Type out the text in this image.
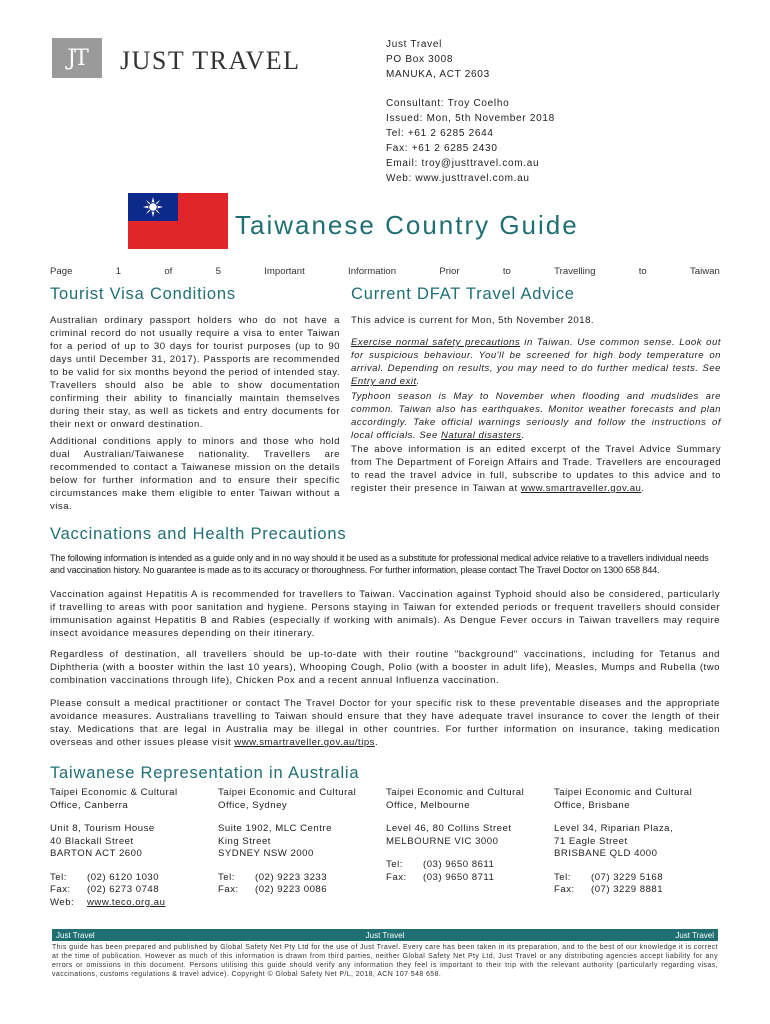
JT JUST TRAVEL
Just Travel
PO Box 3008
MANUKA, ACT 2603
Consultant: Troy Coelho
Issued: Mon, 5th November 2018
Tel: +61 2 6285 2644
Fax: +61 2 6285 2430
Email: troy@justtravel.com.au
Web: www.justtravel.com.au
Taiwanese Country Guide
Page	1	of	5	Important	Information	Prior	to	Travelling	to	Taiwan
Tourist Visa Conditions
Australian ordinary passport holders who do not have a criminal record do not usually require a visa to enter Taiwan for a period of up to 30 days for tourist purposes (up to 90 days until December 31, 2017). Passports are recommended to be valid for six months beyond the period of intended stay. Travellers should also be able to show documentation confirming their ability to financially maintain themselves during their stay, as well as tickets and entry documents for their next or onward destination.
Additional conditions apply to minors and those who hold dual Australian/Taiwanese nationality. Travellers are recommended to contact a Taiwanese mission on the details below for further information and to ensure their specific circumstances make them eligible to enter Taiwan without a visa.
Current DFAT Travel Advice
This advice is current for Mon, 5th November 2018.
Exercise normal safety precautions in Taiwan. Use common sense. Look out for suspicious behaviour. You'll be screened for high body temperature on arrival. Depending on results, you may need to do further medical tests. See Entry and exit.
Typhoon season is May to November when flooding and mudslides are common. Taiwan also has earthquakes. Monitor weather forecasts and plan accordingly. Take official warnings seriously and follow the instructions of local officials. See Natural disasters.
The above information is an edited excerpt of the Travel Advice Summary from The Department of Foreign Affairs and Trade. Travellers are encouraged to read the travel advice in full, subscribe to updates to this advice and to register their presence in Taiwan at www.smartraveller.gov.au.
Vaccinations and Health Precautions
The following information is intended as a guide only and in no way should it be used as a substitute for professional medical advice relative to a travellers individual needs and vaccination history. No guarantee is made as to its accuracy or thoroughness. For further information, please contact The Travel Doctor on 1300 658 844.
Vaccination against Hepatitis A is recommended for travellers to Taiwan. Vaccination against Typhoid should also be considered, particularly if travelling to areas with poor sanitation and hygiene. Persons staying in Taiwan for extended periods or frequent travellers should consider immunisation against Hepatitis B and Rabies (especially if working with animals). As Dengue Fever occurs in Taiwan travellers may require insect avoidance measures depending on their itinerary.
Regardless of destination, all travellers should be up-to-date with their routine "background" vaccinations, including for Tetanus and Diphtheria (with a booster within the last 10 years), Whooping Cough, Polio (with a booster in adult life), Measles, Mumps and Rubella (two combination vaccinations through life), Chicken Pox and a recent annual Influenza vaccination.
Please consult a medical practitioner or contact The Travel Doctor for your specific risk to these preventable diseases and the appropriate avoidance measures. Australians travelling to Taiwan should ensure that they have adequate travel insurance to cover the length of their stay. Medications that are legal in Australia may be illegal in other countries. For further information on insurance, taking medication overseas and other issues please visit www.smartraveller.gov.au/tips.
Taiwanese Representation in Australia
Taipei Economic & Cultural
Office, Canberra
Unit 8, Tourism House
40 Blackall Street
BARTON ACT 2600
Tel:	(02) 6120 1030
Fax:	(02) 6273 0748
Web:	www.teco.org.au
Taipei Economic and Cultural
Office, Sydney
Suite 1902, MLC Centre
King Street
SYDNEY NSW 2000
Tel:	(02) 9223 3233
Fax:	(02) 9223 0086
Taipei Economic and Cultural
Office, Melbourne
Level 46, 80 Collins Street
MELBOURNE VIC 3000
Tel:	(03) 9650 8611
Fax:	(03) 9650 8711
Taipei Economic and Cultural
Office, Brisbane
Level 34, Riparian Plaza,
71 Eagle Street
BRISBANE QLD 4000
Tel:	(07) 3229 5168
Fax:	(07) 3229 8881
Just Travel	Just Travel	Just Travel
This guide has been prepared and published by Global Safety Net Pty Ltd for the use of Just Travel. Every care has been taken in its preparation, and to the best of our knowledge it is correct at the time of publication. However as much of this information is drawn from third parties, neither Global Safety Net Pty Ltd, Just Travel or any distributing agencies accept liability for any errors or omissions in this document. Persons utilising this guide should verify any information they feel is important to their trip with the relevant authority (particularly regarding visas, vaccinations, customs regulations & travel advice). Copyright © Global Safety Net P/L, 2018, ACN 107 548 658.
